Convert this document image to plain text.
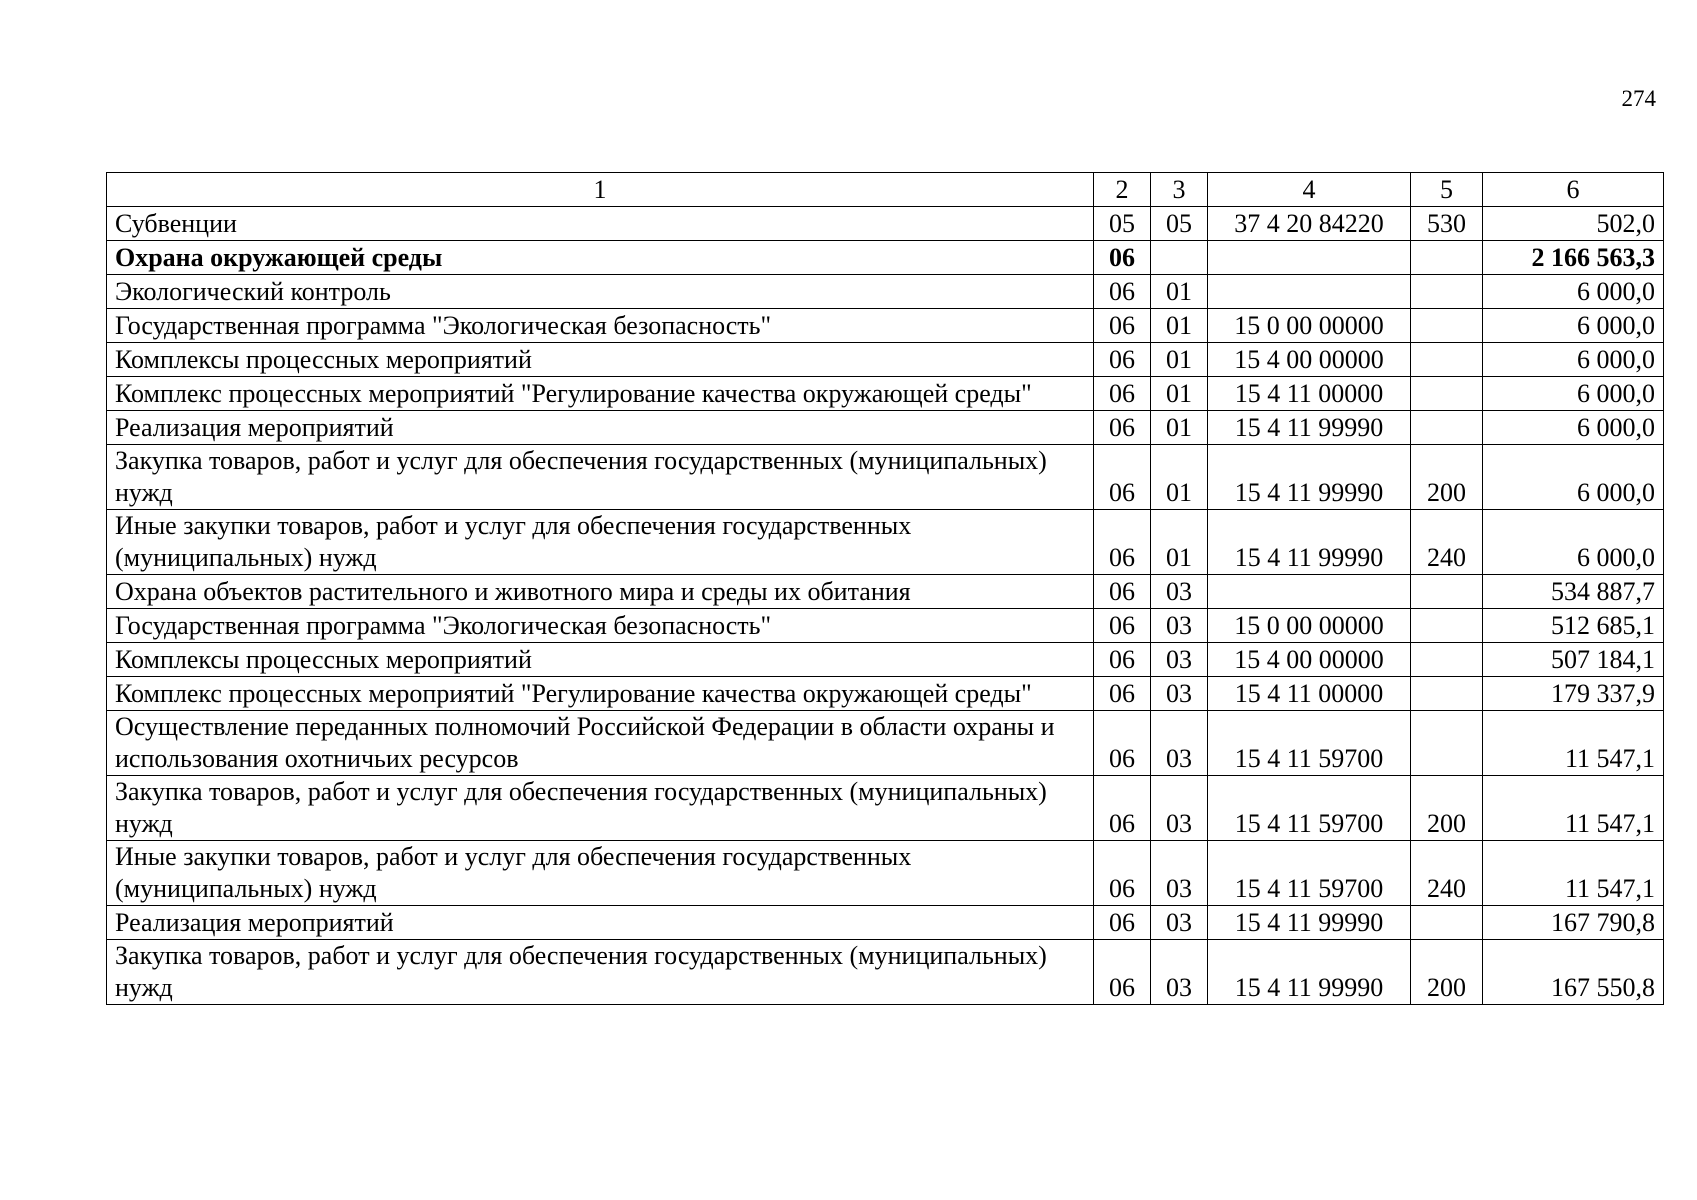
274
1	2	3	4	5	6
Субвенции	05	05	37 4 20 84220	530	502,0
Охрана окружающей среды	06				2 166 563,3
Экологический контроль	06	01			6 000,0
Государственная программа "Экологическая безопасность"	06	01	15 0 00 00000		6 000,0
Комплексы процессных мероприятий	06	01	15 4 00 00000		6 000,0
Комплекс процессных мероприятий "Регулирование качества окружающей среды"	06	01	15 4 11 00000		6 000,0
Реализация мероприятий	06	01	15 4 11 99990		6 000,0
Закупка товаров, работ и услуг для обеспечения государственных (муниципальных) нужд	06	01	15 4 11 99990	200	6 000,0
Иные закупки товаров, работ и услуг для обеспечения государственных (муниципальных) нужд	06	01	15 4 11 99990	240	6 000,0
Охрана объектов растительного и животного мира и среды их обитания	06	03			534 887,7
Государственная программа "Экологическая безопасность"	06	03	15 0 00 00000		512 685,1
Комплексы процессных мероприятий	06	03	15 4 00 00000		507 184,1
Комплекс процессных мероприятий "Регулирование качества окружающей среды"	06	03	15 4 11 00000		179 337,9
Осуществление переданных полномочий Российской Федерации в области охраны и использования охотничьих ресурсов	06	03	15 4 11 59700		11 547,1
Закупка товаров, работ и услуг для обеспечения государственных (муниципальных) нужд	06	03	15 4 11 59700	200	11 547,1
Иные закупки товаров, работ и услуг для обеспечения государственных (муниципальных) нужд	06	03	15 4 11 59700	240	11 547,1
Реализация мероприятий	06	03	15 4 11 99990		167 790,8
Закупка товаров, работ и услуг для обеспечения государственных (муниципальных) нужд	06	03	15 4 11 99990	200	167 550,8
